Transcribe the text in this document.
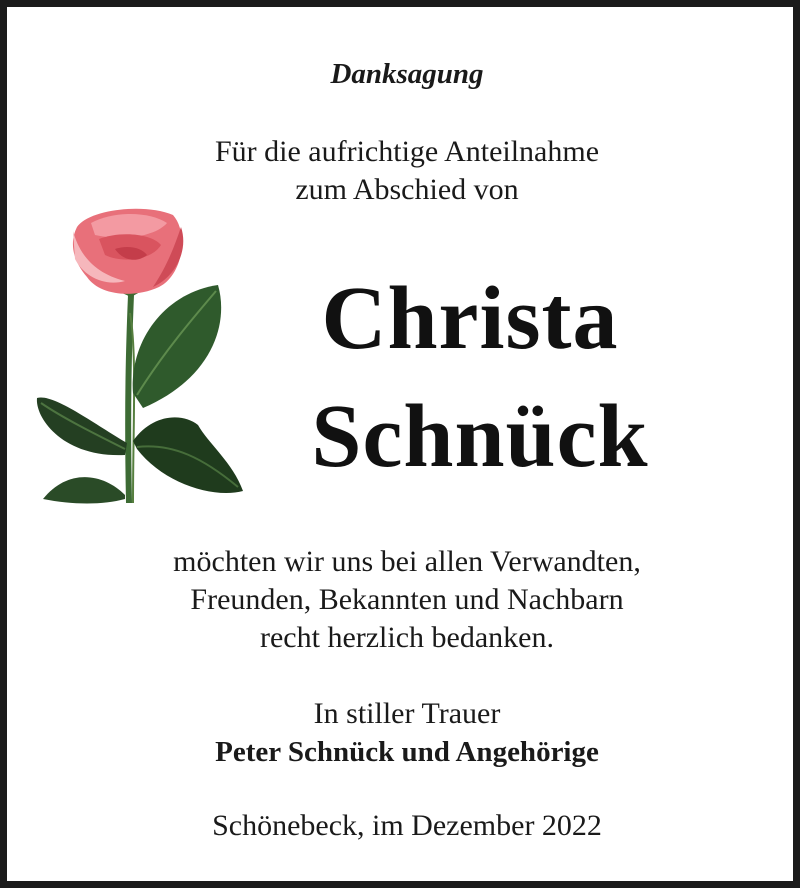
Danksagung
Für die aufrichtige Anteilnahme
zum Abschied von
Christa
Schnück
möchten wir uns bei allen Verwandten,
Freunden, Bekannten und Nachbarn
recht herzlich bedanken.
In stiller Trauer
Peter Schnück und Angehörige
Schönebeck, im Dezember 2022
